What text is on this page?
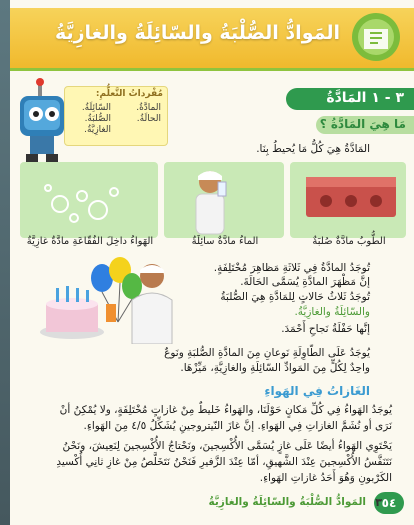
المَوادُّ الصُّلْبَةُ والسّائِلَةُ والغازِيَّةُ
٣ - ١ المَادَّةُ
مُفْرداتُ التَّعلُّمِ:
المادَّةُ.
الحالَةُ.
السّائِلَةُ.
الصُّلبَةُ.
الغازِيَّةُ.	مَا هِيَ المَادَّةُ ؟
المَادَّةُ هِيَ كُلُّ مَا يُحيطُ بِنَا.
الطُّوبُ مادَّةٌ صُلبَةٌ
الماءُ مادَّةٌ سائِلَةٌ
الهَواءُ داخِلَ الفُقّاعَةِ مادَّةٌ غازِيَّةٌ
تُوجَدُ المادَّةُ فِي ثَلاثَةِ مَظاهِرَ مُخْتَلِفَةٍ.
إنَّ مَظْهَرَ المادَّةِ يُسَمَّى الحَالَةَ.
تُوجَدُ ثَلاثُ حَالاتٍ لِلمَادَّةِ هِيَ الصُّلبَةُ
والسّائِلَةُ والغازِيَّةُ.
إنَّها حَفْلَةُ نَجاحِ أَحْمَدَ.
يُوجَدُ عَلَى الطّاوِلَةِ نَوعانِ مِنَ المادَّةِ الصُّلبَةِ ونَوعٌ
واحِدٌ لِكُلٍّ مِنَ المَوادِّ السّائِلَةِ والغازِيَّةِ، مَيِّزْهَا.
الغَازاتُ فِي الهَواءِ
يُوجَدُ الهَواءُ فِي كُلِّ مَكانٍ حَوْلَنَا، والهَواءُ خَليطٌ مِنْ غازاتٍ مُخْتَلِفَةٍ، ولا يُمْكِنُ أنْ
نَرَى أو نُشَمَّ الغازاتِ فِي الهَواءِ. إنَّ غازَ النّيتروجينِ يُشَكِّلُ ٤/٥ مِنَ الهَواءِ.
يَحْتَوِي الهَواءُ أيضًا عَلَى غازٍ يُسَمَّى الأُكْسِجينَ، ونَحْتاجُ الأُكْسِجينَ لِنَعِيشَ، ونَحْنُ
نَتَنَفَّسُ الأُكْسِجينَ عِنْدَ الشَّهيقِ، أمّا عِنْدَ الزَّفيرِ فَنَحْنُ نَتَخَلَّصُ مِنْ غازِ ثانِي أُكْسيدِ
الكَرْبونِ وَهُوَ أَحَدُ غازاتِ الهَواءِ.
٥٤
٣
المَوادُّ الصُّلْبَةُ والسّائِلَةُ والغازِيَّةُ
